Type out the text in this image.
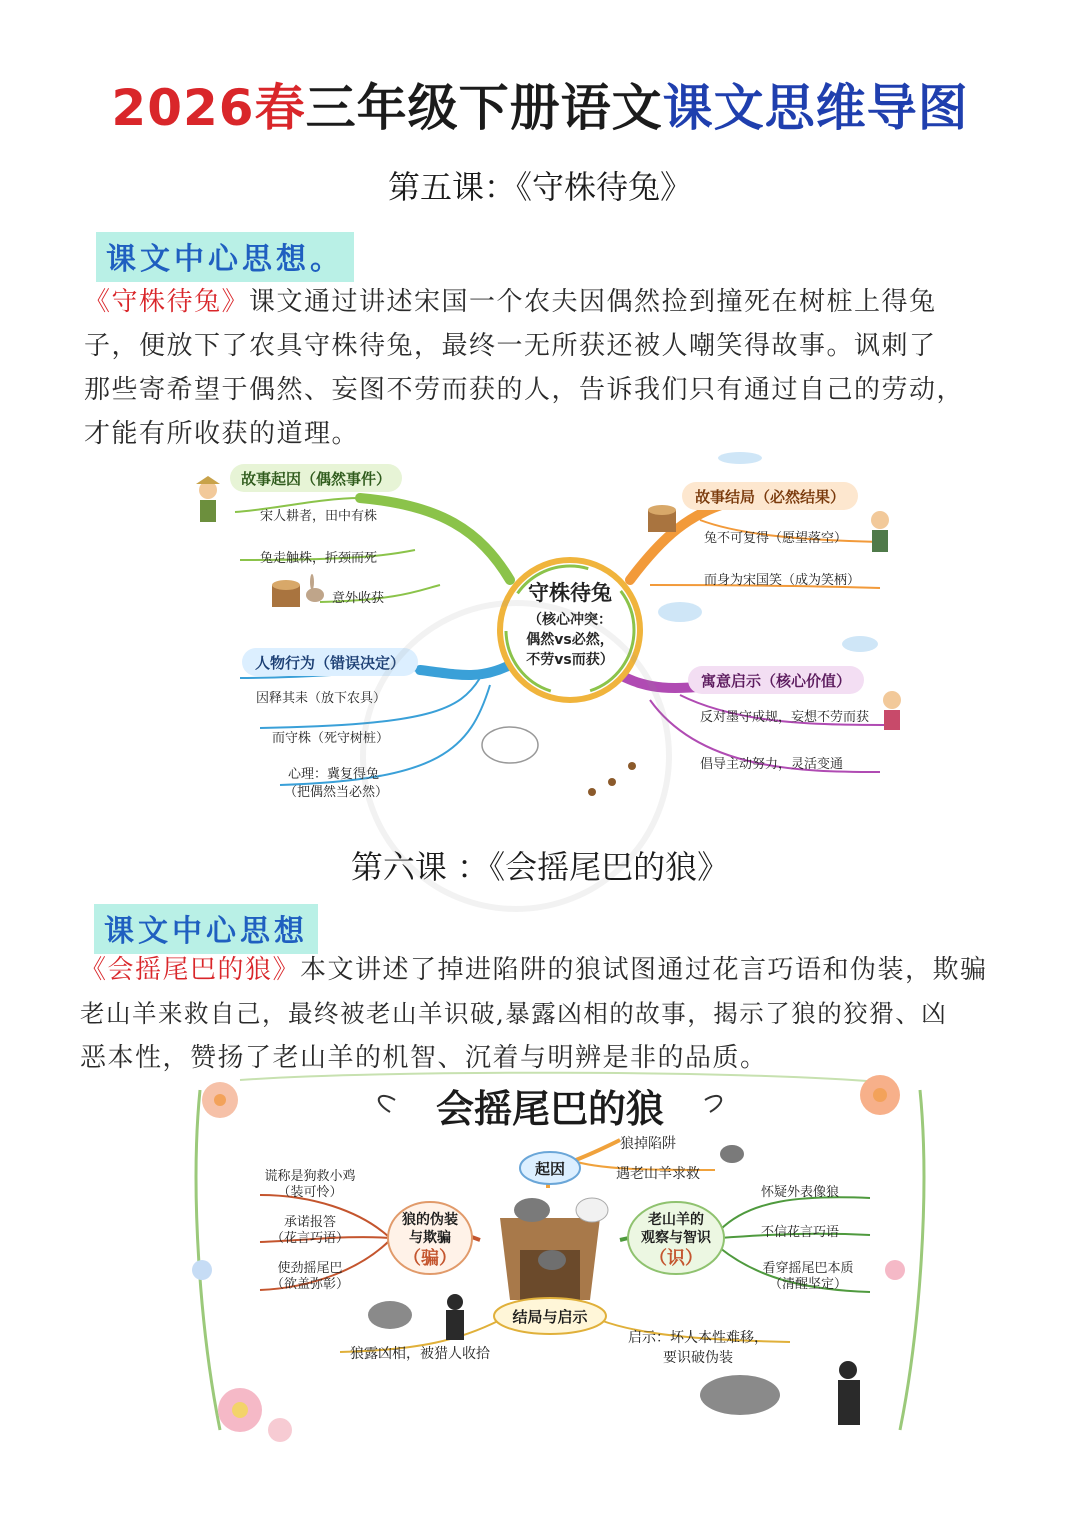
2026春三年级下册语文课文思维导图
第五课：《守株待兔》
课文中心思想。
《守株待兔》课文通过讲述宋国一个农夫因偶然捡到撞死在树桩上得兔
子，便放下了农具守株待兔，最终一无所获还被人嘲笑得故事。讽刺了
那些寄希望于偶然、妄图不劳而获的人，告诉我们只有通过自己的劳动，
才能有所收获的道理。
守株待兔
（核心冲突：
偶然vs必然，
不劳vs而获）
故事起因（偶然事件）
宋人耕者，田中有株
兔走触株，折颈而死
意外收获
人物行为（错误决定）
因释其耒（放下农具）
而守株（死守树桩）
心理：冀复得兔
（把偶然当必然）
故事结局（必然结果）
兔不可复得（愿望落空）
而身为宋国笑（成为笑柄）
寓意启示（核心价值）
反对墨守成规，妄想不劳而获
倡导主动努力，灵活变通
第六课 ：《会摇尾巴的狼》
课文中心思想
《会摇尾巴的狼》本文讲述了掉进陷阱的狼试图通过花言巧语和伪装，欺骗
老山羊来救自己，最终被老山羊识破,暴露凶相的故事，揭示了狼的狡猾、凶
恶本性，赞扬了老山羊的机智、沉着与明辨是非的品质。
会摇尾巴的狼
起因
狼掉陷阱
遇老山羊求救
狼的伪装
与欺骗
（骗）
谎称是狗救小鸡
（装可怜）
承诺报答
（花言巧语）
使劲摇尾巴
（欲盖弥彰）
老山羊的
观察与智识
（识）
怀疑外表像狼
不信花言巧语
看穿摇尾巴本质
（清醒坚定）
结局与启示
狼露凶相，被猎人收拾
启示：坏人本性难移，
要识破伪装
